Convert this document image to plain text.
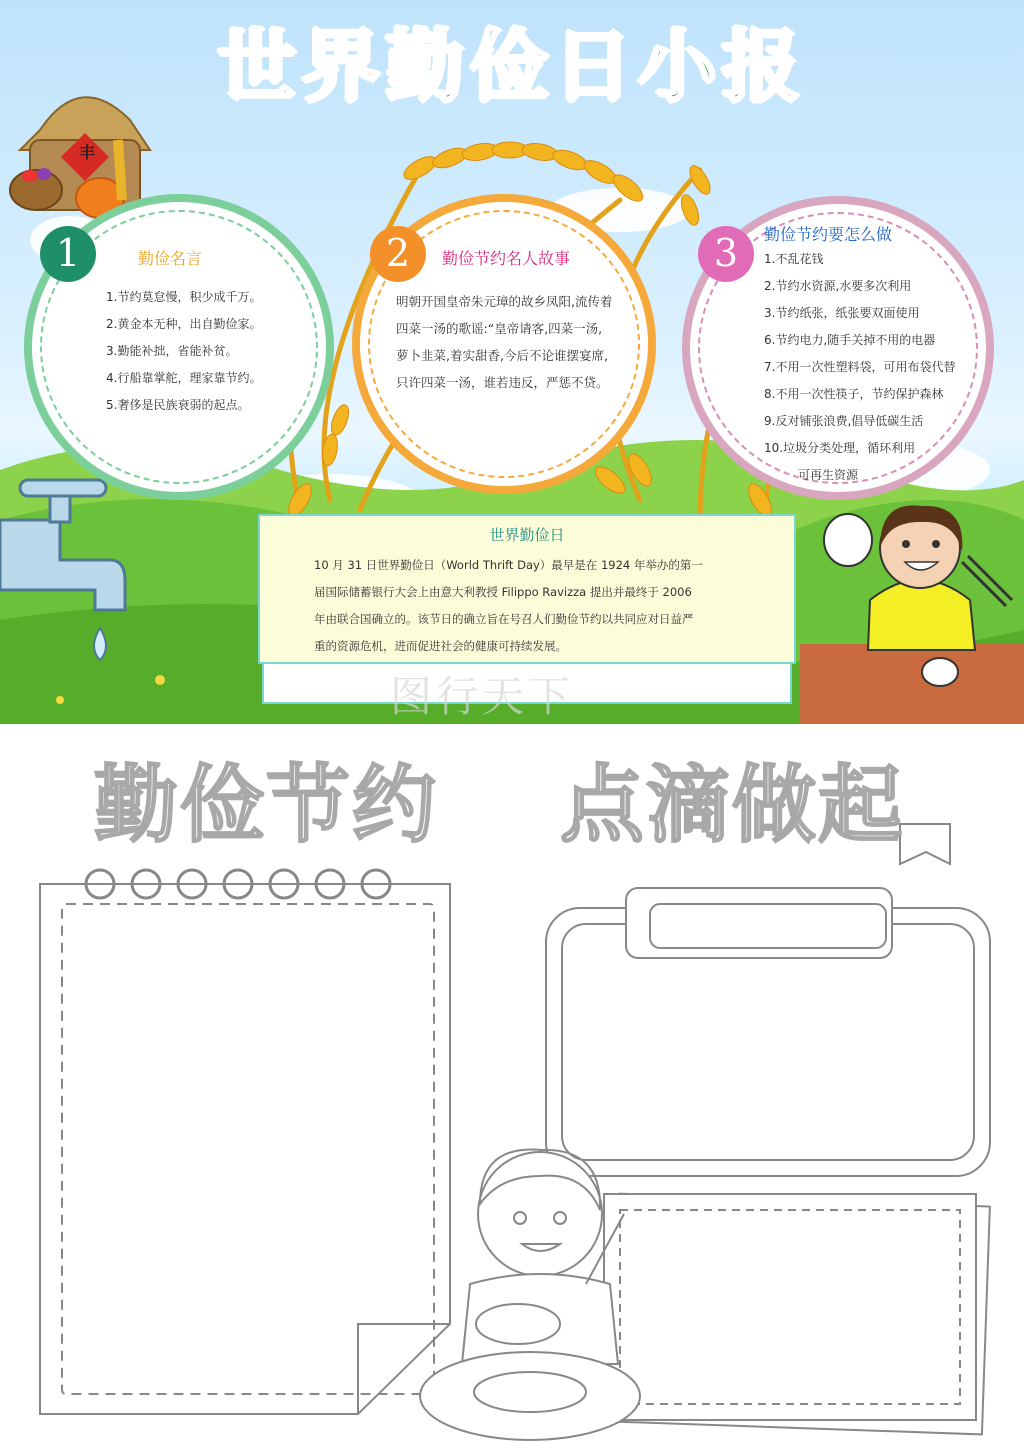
世界勤俭日小报
丰
1	勤俭名言
1.节约莫怠慢，积少成千万。
2.黄金本无种，出自勤俭家。
3.勤能补拙，省能补贫。
4.行船靠掌舵，理家靠节约。
5.奢侈是民族衰弱的起点。
2	勤俭节约名人故事
明朝开国皇帝朱元璋的故乡凤阳,流传着
四菜一汤的歌谣:“皇帝请客,四菜一汤,
萝卜韭菜,着实甜香,今后不论谁摆宴席,
只许四菜一汤，谁若违反，严惩不贷。
3	勤俭节约要怎么做
1.不乱花钱
2.节约水资源,水要多次利用
3.节约纸张，纸张要双面使用
6.节约电力,随手关掉不用的电器
7.不用一次性塑料袋，可用布袋代替
8.不用一次性筷子，节约保护森林
9.反对铺张浪费,倡导低碳生活
10.垃圾分类处理，循环利用
可再生资源
世界勤俭日
10 月 31 日世界勤俭日（World Thrift Day）最早是在 1924 年举办的第一
届国际储蓄银行大会上由意大利教授 Filippo Ravizza 提出并最终于 2006
年由联合国确立的。该节日的确立旨在号召人们勤俭节约以共同应对日益严
重的资源危机，进而促进社会的健康可持续发展。
图行天下
勤俭节约 点滴做起
